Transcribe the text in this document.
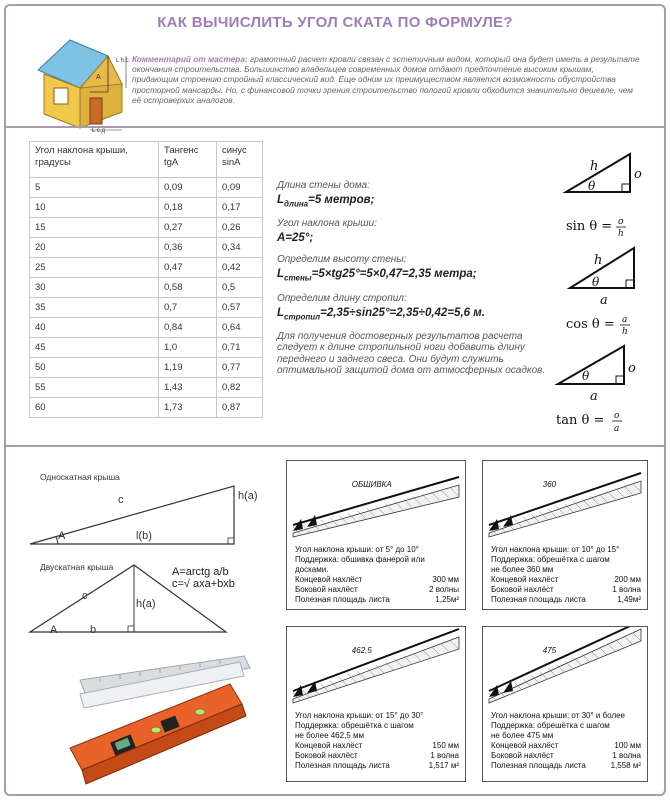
КАК ВЫЧИСЛИТЬ УГОЛ СКАТА ПО ФОРМУЛЕ?
L h.c
L c.д
A
Комментарий от мастера: грамотный расчет кровли связан с эстетичным видом, который она будет иметь в результате окончания строительства. Большинство владельцев современных домов отдают предпочтение высоким крышам, придающим строению стройный классический вид. Еще одним их преимуществом является возможность обустройства просторной мансарды. Но, с финансовой точки зрения строительство пологой кровли обходится значительно дешевле, чем её островерхих аналогов.
Угол наклона крыши, градусы	Тангенс tgA	синус sinA
5	0,09	0,09
10	0,18	0,17
15	0,27	0,26
20	0,36	0,34
25	0,47	0,42
30	0,58	0,5
35	0,7	0,57
40	0,84	0,64
45	1,0	0,71
50	1,19	0,77
55	1,43	0,82
60	1,73	0,87
Длина стены дома:
$L_{длина}=5$ метров;
Угол наклона крыши:
A=25°;
Определим высоту стены:
$L_{стены}=5\times tg25^\circ=5\times 0,47=2,35$ метра;
Определим длину стропил:
$L_{стропил}=2,35\div\sin 25^\circ=2,35\div 0,42=5,6$ м.
Для получения достоверных результатов расчета следует к длине стропильной ноги добавить длину переднего и заднего свеса. Они будут служить оптимальной защитой дома от атмосферных осадков.
h
o
θ
sin θ = o
h
h
θ
a
cos θ = a
h
o
θ
a
tan θ = o
a
Односкатная крыша
c	h(a)
A	l(b)
Двускатная крыша
c
h(a)
A	b
A=arctg a/b
c=√ axa+bxb
ОБШИВКА
Угол наклона крыши: от 5° до 10°
Поддержка: обшивка фанерой или
досками.
Концевой нахлёст	300 мм
Боковой нахлёст	2 волны
Полезная площадь листа	1,25м²
360
Угол наклона крыши: от 10° до 15°
Поддержка: обрешётка с шагом
не более 360 мм
Концевой нахлёст	200 мм
Боковой нахлёст	1 волна
Полезная площадь листа	1,49м²
462,5
Угол наклона крыши: от 15° до 30°
Поддержка: обрешётка с шагом
не более 462,5 мм
Концевой нахлёст	150 мм
Боковой нахлёст	1 волна
Полезная площадь листа	1,517 м²
475
Угол наклона крыши: от 30° и более
Поддержка: обрешётка с шагом
не более 475 мм
Концевой нахлёст	100 мм
Боковой нахлёст	1 волна
Полезная площадь листа	1,558 м²
